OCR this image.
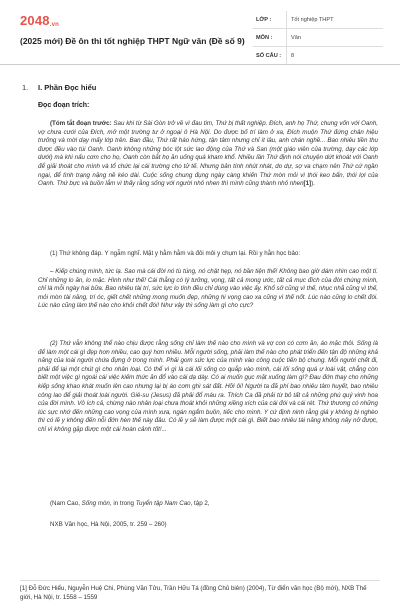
$2048_{.vn}$
(2025 mới) Đề ôn thi tốt nghiệp THPT Ngữ văn (Đề số 9)
LỚP :	Tốt nghiệp THPT
MÔN :	Văn
SỐ CÂU :	8
1. I. Phần Đọc hiểu
Đọc đoạn trích:
(Tóm tắt đoạn trước: Sau khi từ Sài Gòn trở về vì đau tim, Thứ bị thất nghiệp. Đích, anh họ Thứ, chung vốn với Oanh, vợ chưa cưới của Đích, mở một trường tư ở ngoại ô Hà Nội. Do được bố trí làm ở xa, Đích muộn Thứ đứng chân hiệu trưởng và mời dạy mấy lớp trên. Ban đầu, Thứ rất háo hứng, tận tâm nhưng chỉ ít lâu, anh chán nghề... Bao nhiêu tiền thu được đều vào túi Oanh. Oanh không những bóc lột sức lao động của Thứ và San (một giáo viên của trường, dạy các lớp dưới) mà khi nấu cơm cho họ, Oanh còn bắt họ ăn uống quá kham khổ. Nhiều lần Thứ định nói chuyện dứt khoát với Oanh để giải thoát cho mình và tổ chức lại cái trường cho tử tế. Nhưng bản tính nhút nhát, do dự, sợ va chạm nên Thứ cứ ngần ngại, để tình trạng nặng nề kéo dài. Cuộc sống chung đụng ngày càng khiến Thứ mòn mỏi vì thói keo bẩn, thói lợi của Oanh. Thứ bực và buồn lắm vì thấy rằng sống với người nhỏ nhen thì mình cũng thành nhỏ nhen[1]).
(1) Thứ không đáp. Y ngẫm nghĩ. Mặt y hằm hằm và đôi môi y chụm lại. Rồi y hằn học bảo:
– Kiếp chúng mình, tức lạ. Sao mà cái đời nó tù túng, nó chật hẹp, nó bần tiện thế! Không bao giờ dám nhìn cao một tí. Chỉ những lo ăn, lo mặc. Hình như thế! Cái thằng có lý tưởng, vọng, tất cả mong ước, tất cả mục đích của đời chúng mình, chỉ là mỗi ngày hai bữa. Bao nhiêu tài trí, sức lực lo tính đều chỉ dùng vào việc ấy. Khổ sở cũng vì thế, nhục nhã cũng vì thế, mỏi mòn tài năng, trí óc, giết chết những mong muốn đẹp, những hi vọng cao xa cũng vì thế nốt. Lúc nào cũng lo chết đói. Lúc nào cũng làm thế nào cho khỏi chết đói! Như vậy thì sống làm gì cho cực?
(2) Thứ vẫn không thể nào chịu được rằng sống chỉ làm thế nào cho mình và vợ con có cơm ăn, áo mặc thôi. Sống là để làm một cái gì đẹp hơn nhiều, cao quý hơn nhiều. Mỗi người sống, phải làm thế nào cho phát triển đến tận độ những khả năng của loài người chứa đựng ở trong mình. Phải gom sức lực của mình vào công cuộc tiến bộ chung. Mỗi người chết đi, phải để lại một chút gì cho nhân loại. Có thể vì gì là cái lối sống co quắp vào mình, cái lối sống quá ư loài vật, chẳng còn biết một việc gì ngoài cái việc kiếm thức ăn đổ vào cái dạ dày. Có ai muốn gục mặt xuống làm gì? Đau đớn thay cho những kiếp sống khao khát muốn lên cao nhưng lại bị áo cơm ghì sát đất. Hỡi ôi! Người ta đã phí bao nhiêu tâm huyết, bao nhiêu công lao để giải thoát loài người. Giê-su (Jesus) đã phải đổ máu ra. Thích Ca đã phải từ bỏ tất cả những phú quý vinh hoa của đời mình. Vô ích cả, chừng nào nhân loại chưa thoát khỏi những xiềng xích của cái đói và cái rét. Thứ thương có những lúc sực nhớ đến những cao vọng của mình xưa, ngán ngẩm buồn, tiếc cho mình. Y cứ định ninh rằng giá y không bị nghèo thì có lẽ y không đến nỗi đớn hèn thế này đâu. Có lẽ y sẽ làm được một cái gì. Biết bao nhiêu tài năng không nảy nở được, chỉ vì không gặp được một cái hoàn cảnh tốt!...
(Nam Cao, Sống mòn, in trong Tuyển tập Nam Cao, tập 2,
NXB Văn học, Hà Nội, 2005, tr. 259 – 260)
[1] Đỗ Đức Hiểu, Nguyễn Huệ Chi, Phùng Văn Tửu, Trần Hữu Tá (đồng Chủ biên) (2004), Từ điển văn học (Bộ mới), NXB Thế giới, Hà Nội, tr. 1558 – 1559
